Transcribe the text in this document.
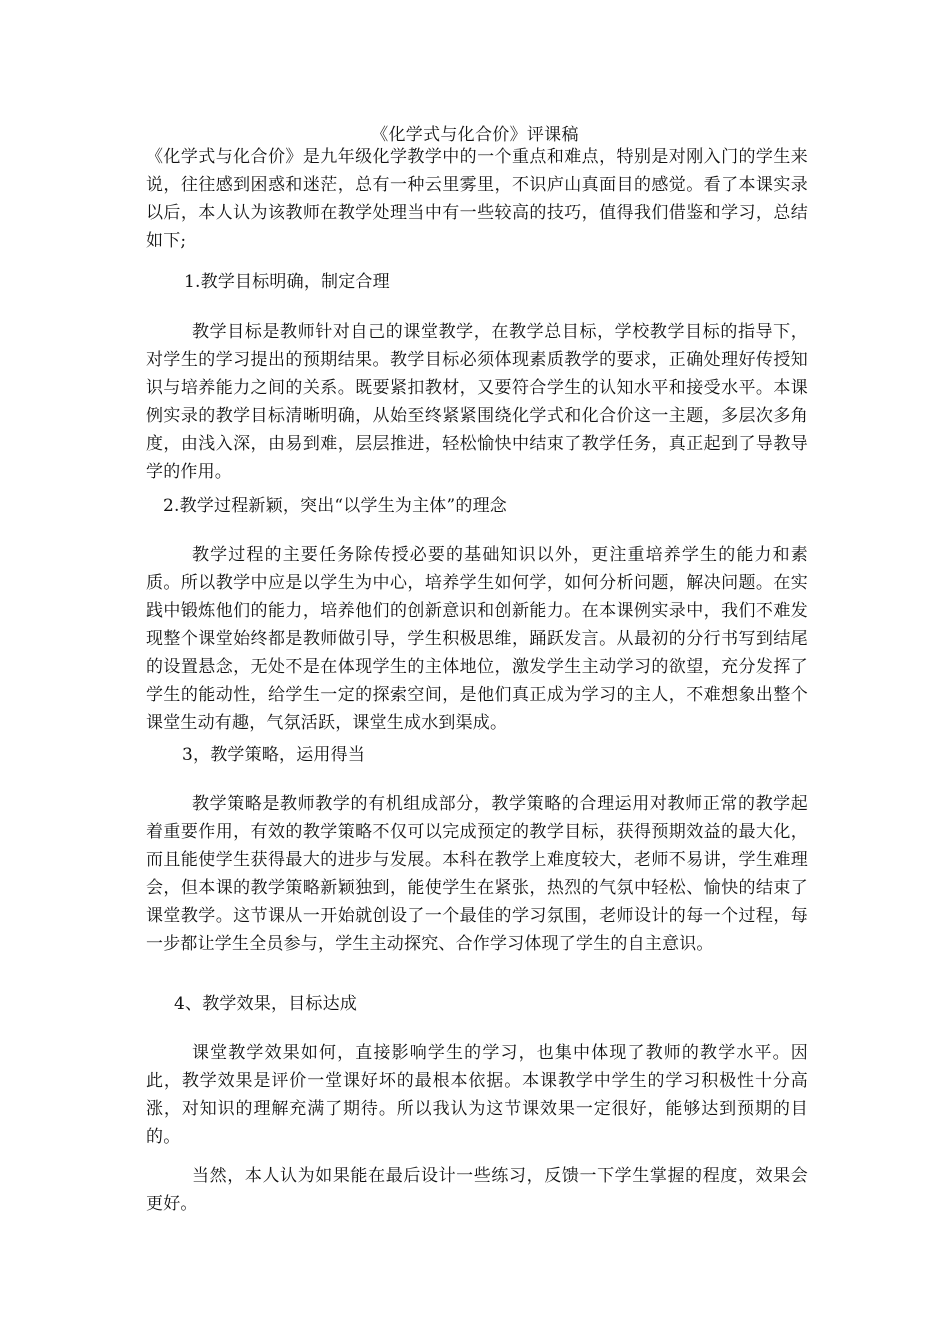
《化学式与化合价》评课稿
《化学式与化合价》是九年级化学教学中的一个重点和难点，特别是对刚入门的学生来说，往往感到困惑和迷茫，总有一种云里雾里，不识庐山真面目的感觉。看了本课实录以后，本人认为该教师在教学处理当中有一些较高的技巧，值得我们借鉴和学习，总结如下;
1.教学目标明确，制定合理
教学目标是教师针对自己的课堂教学，在教学总目标，学校教学目标的指导下，对学生的学习提出的预期结果。教学目标必须体现素质教学的要求，正确处理好传授知识与培养能力之间的关系。既要紧扣教材，又要符合学生的认知水平和接受水平。本课例实录的教学目标清晰明确，从始至终紧紧围绕化学式和化合价这一主题，多层次多角度，由浅入深，由易到难，层层推进，轻松愉快中结束了教学任务，真正起到了导教导学的作用。
2.教学过程新颖，突出“以学生为主体”的理念
教学过程的主要任务除传授必要的基础知识以外，更注重培养学生的能力和素质。所以教学中应是以学生为中心，培养学生如何学，如何分析问题，解决问题。在实践中锻炼他们的能力，培养他们的创新意识和创新能力。在本课例实录中，我们不难发现整个课堂始终都是教师做引导，学生积极思维，踊跃发言。从最初的分行书写到结尾的设置悬念，无处不是在体现学生的主体地位，激发学生主动学习的欲望，充分发挥了学生的能动性，给学生一定的探索空间，是他们真正成为学习的主人，不难想象出整个课堂生动有趣，气氛活跃，课堂生成水到渠成。
3，教学策略，运用得当
教学策略是教师教学的有机组成部分，教学策略的合理运用对教师正常的教学起着重要作用，有效的教学策略不仅可以完成预定的教学目标，获得预期效益的最大化，而且能使学生获得最大的进步与发展。本科在教学上难度较大，老师不易讲，学生难理会，但本课的教学策略新颖独到，能使学生在紧张，热烈的气氛中轻松、愉快的结束了课堂教学。这节课从一开始就创设了一个最佳的学习氛围，老师设计的每一个过程，每一步都让学生全员参与，学生主动探究、合作学习体现了学生的自主意识。
4、教学效果，目标达成
课堂教学效果如何，直接影响学生的学习，也集中体现了教师的教学水平。因此，教学效果是评价一堂课好坏的最根本依据。本课教学中学生的学习积极性十分高涨，对知识的理解充满了期待。所以我认为这节课效果一定很好，能够达到预期的目的。
当然，本人认为如果能在最后设计一些练习，反馈一下学生掌握的程度，效果会更好。
